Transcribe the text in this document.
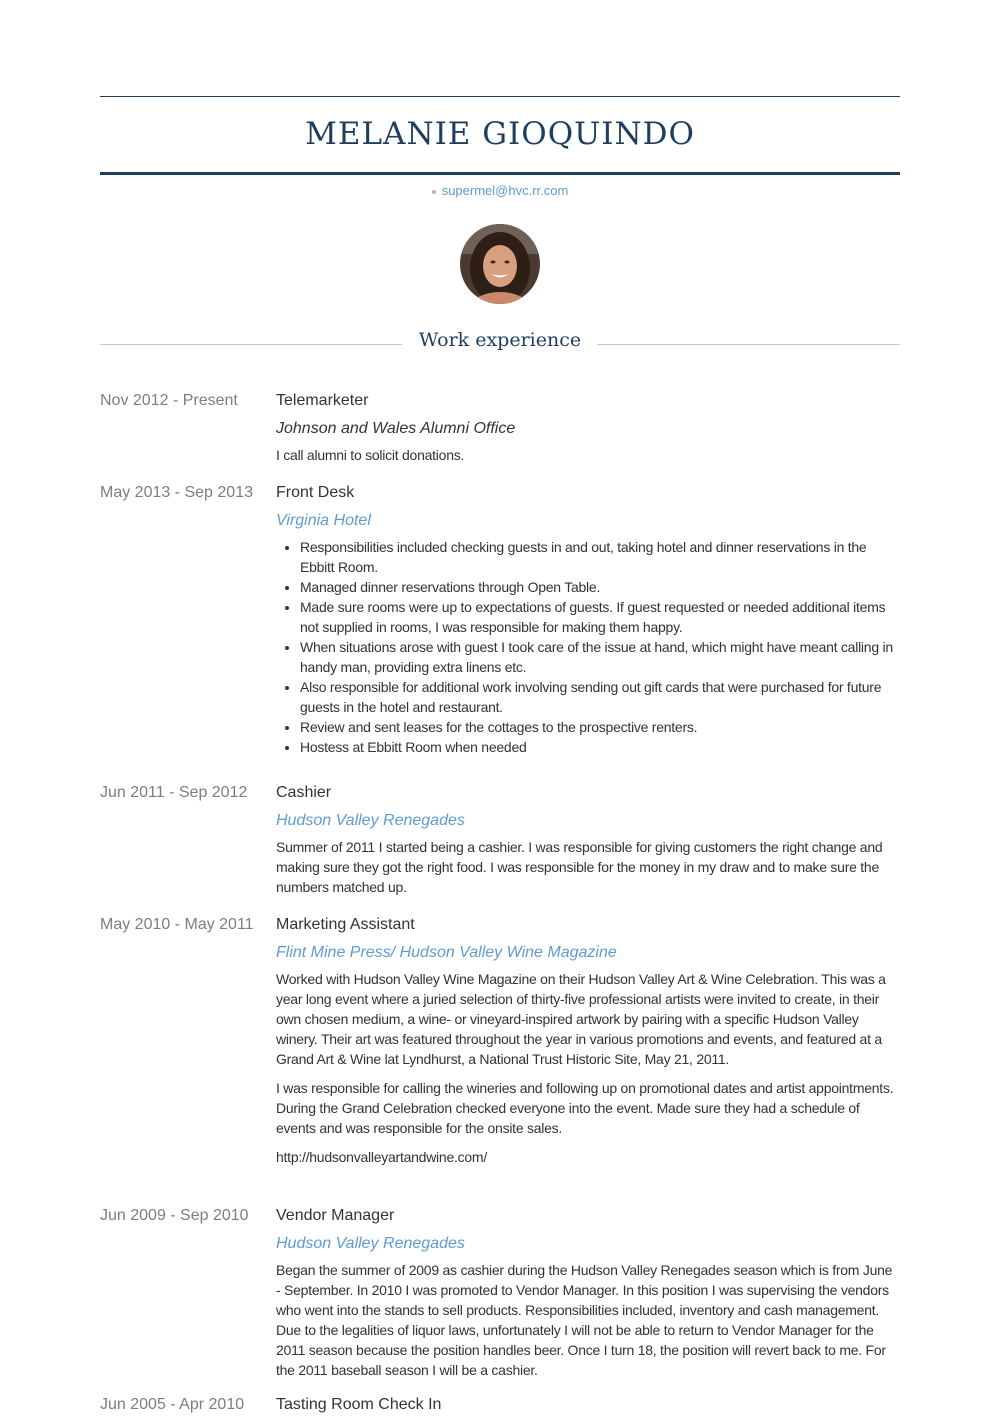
MELANIE GIOQUINDO
supermel@hvc.rr.com
Work experience
Nov 2012 - Present	Telemarketer
Johnson and Wales Alumni Office

I call alumni to solicit donations.

May 2013 - Sep 2013	Front Desk
Virginia Hotel
• Responsibilities included checking guests in and out, taking hotel and dinner reservations in the Ebbitt Room.
• Managed dinner reservations through Open Table.
• Made sure rooms were up to expectations of guests. If guest requested or needed additional items not supplied in rooms, I was responsible for making them happy.
• When situations arose with guest I took care of the issue at hand, which might have meant calling in handy man, providing extra linens etc.
• Also responsible for additional work involving sending out gift cards that were purchased for future guests in the hotel and restaurant.
• Review and sent leases for the cottages to the prospective renters.
• Hostess at Ebbitt Room when needed
Jun 2011 - Sep 2012	Cashier
Hudson Valley Renegades

Summer of 2011 I started being a cashier. I was responsible for giving customers the right change and making sure they got the right food. I was responsible for the money in my draw and to make sure the numbers matched up.

May 2010 - May 2011	Marketing Assistant
Flint Mine Press/ Hudson Valley Wine Magazine

Worked with Hudson Valley Wine Magazine on their Hudson Valley Art & Wine Celebration. This was a year long event where a juried selection of thirty-five professional artists were invited to create, in their own chosen medium, a wine- or vineyard-inspired artwork by pairing with a specific Hudson Valley winery. Their art was featured throughout the year in various promotions and events, and featured at a Grand Art & Wine lat Lyndhurst, a National Trust Historic Site, May 21, 2011.

I was responsible for calling the wineries and following up on promotional dates and artist appointments. During the Grand Celebration checked everyone into the event. Made sure they had a schedule of events and was responsible for the onsite sales.

http://hudsonvalleyartandwine.com/

Jun 2009 - Sep 2010	Vendor Manager
Hudson Valley Renegades

Began the summer of 2009 as cashier during the Hudson Valley Renegades season which is from June - September. In 2010 I was promoted to Vendor Manager. In this position I was supervising the vendors who went into the stands to sell products. Responsibilities included, inventory and cash management. Due to the legalities of liquor laws, unfortunately I will not be able to return to Vendor Manager for the 2011 season because the position handles beer. Once I turn 18, the position will revert back to me. For the 2011 baseball season I will be a cashier.

Jun 2005 - Apr 2010	Tasting Room Check In
